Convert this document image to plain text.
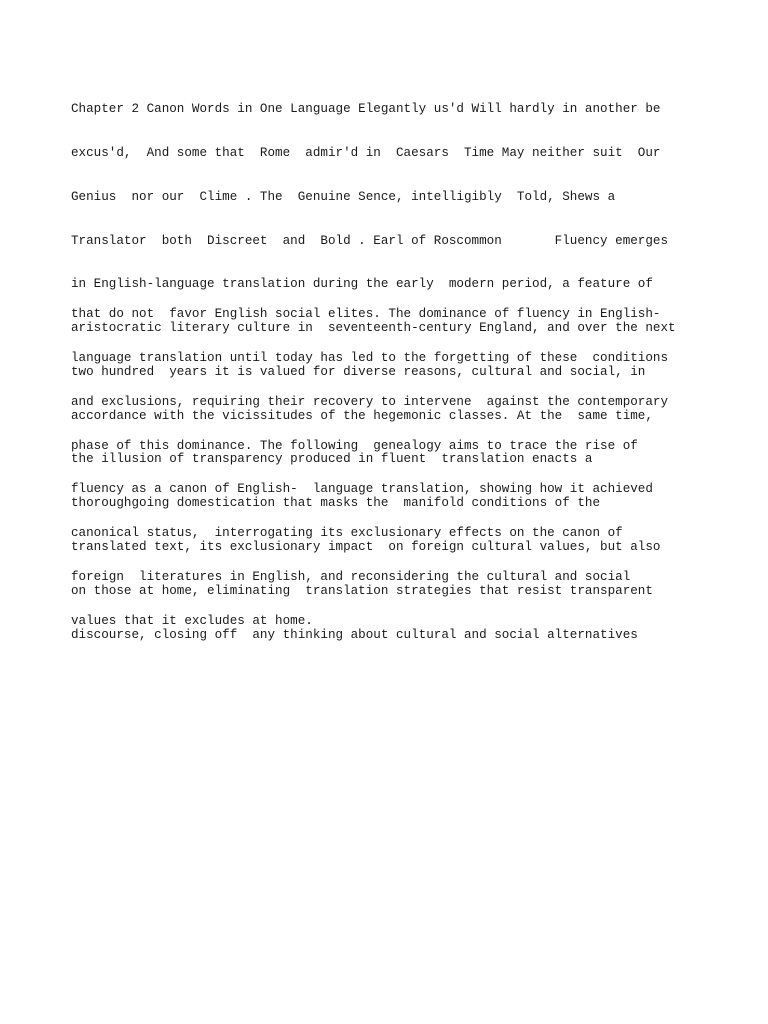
Chapter 2 Canon Words in One Language Elegantly us'd Will hardly in another be

excus'd,  And some that  Rome  admir'd in  Caesars  Time May neither suit  Our

Genius  nor our  Clime . The  Genuine Sence, intelligibly  Told, Shews a

Translator  both  Discreet  and  Bold . Earl of Roscommon       Fluency emerges

in English-language translation during the early  modern period, a feature of

aristocratic literary culture in  seventeenth-century England, and over the next

two hundred  years it is valued for diverse reasons, cultural and social, in

accordance with the vicissitudes of the hegemonic classes. At the  same time,

the illusion of transparency produced in fluent  translation enacts a

thoroughgoing domestication that masks the  manifold conditions of the

translated text, its exclusionary impact  on foreign cultural values, but also

on those at home, eliminating  translation strategies that resist transparent

discourse, closing off  any thinking about cultural and social alternatives

that do not  favor English social elites. The dominance of fluency in English-

language translation until today has led to the forgetting of these  conditions

and exclusions, requiring their recovery to intervene  against the contemporary

phase of this dominance. The following  genealogy aims to trace the rise of

fluency as a canon of English-  language translation, showing how it achieved

canonical status,  interrogating its exclusionary effects on the canon of

foreign  literatures in English, and reconsidering the cultural and social

values that it excludes at home.
